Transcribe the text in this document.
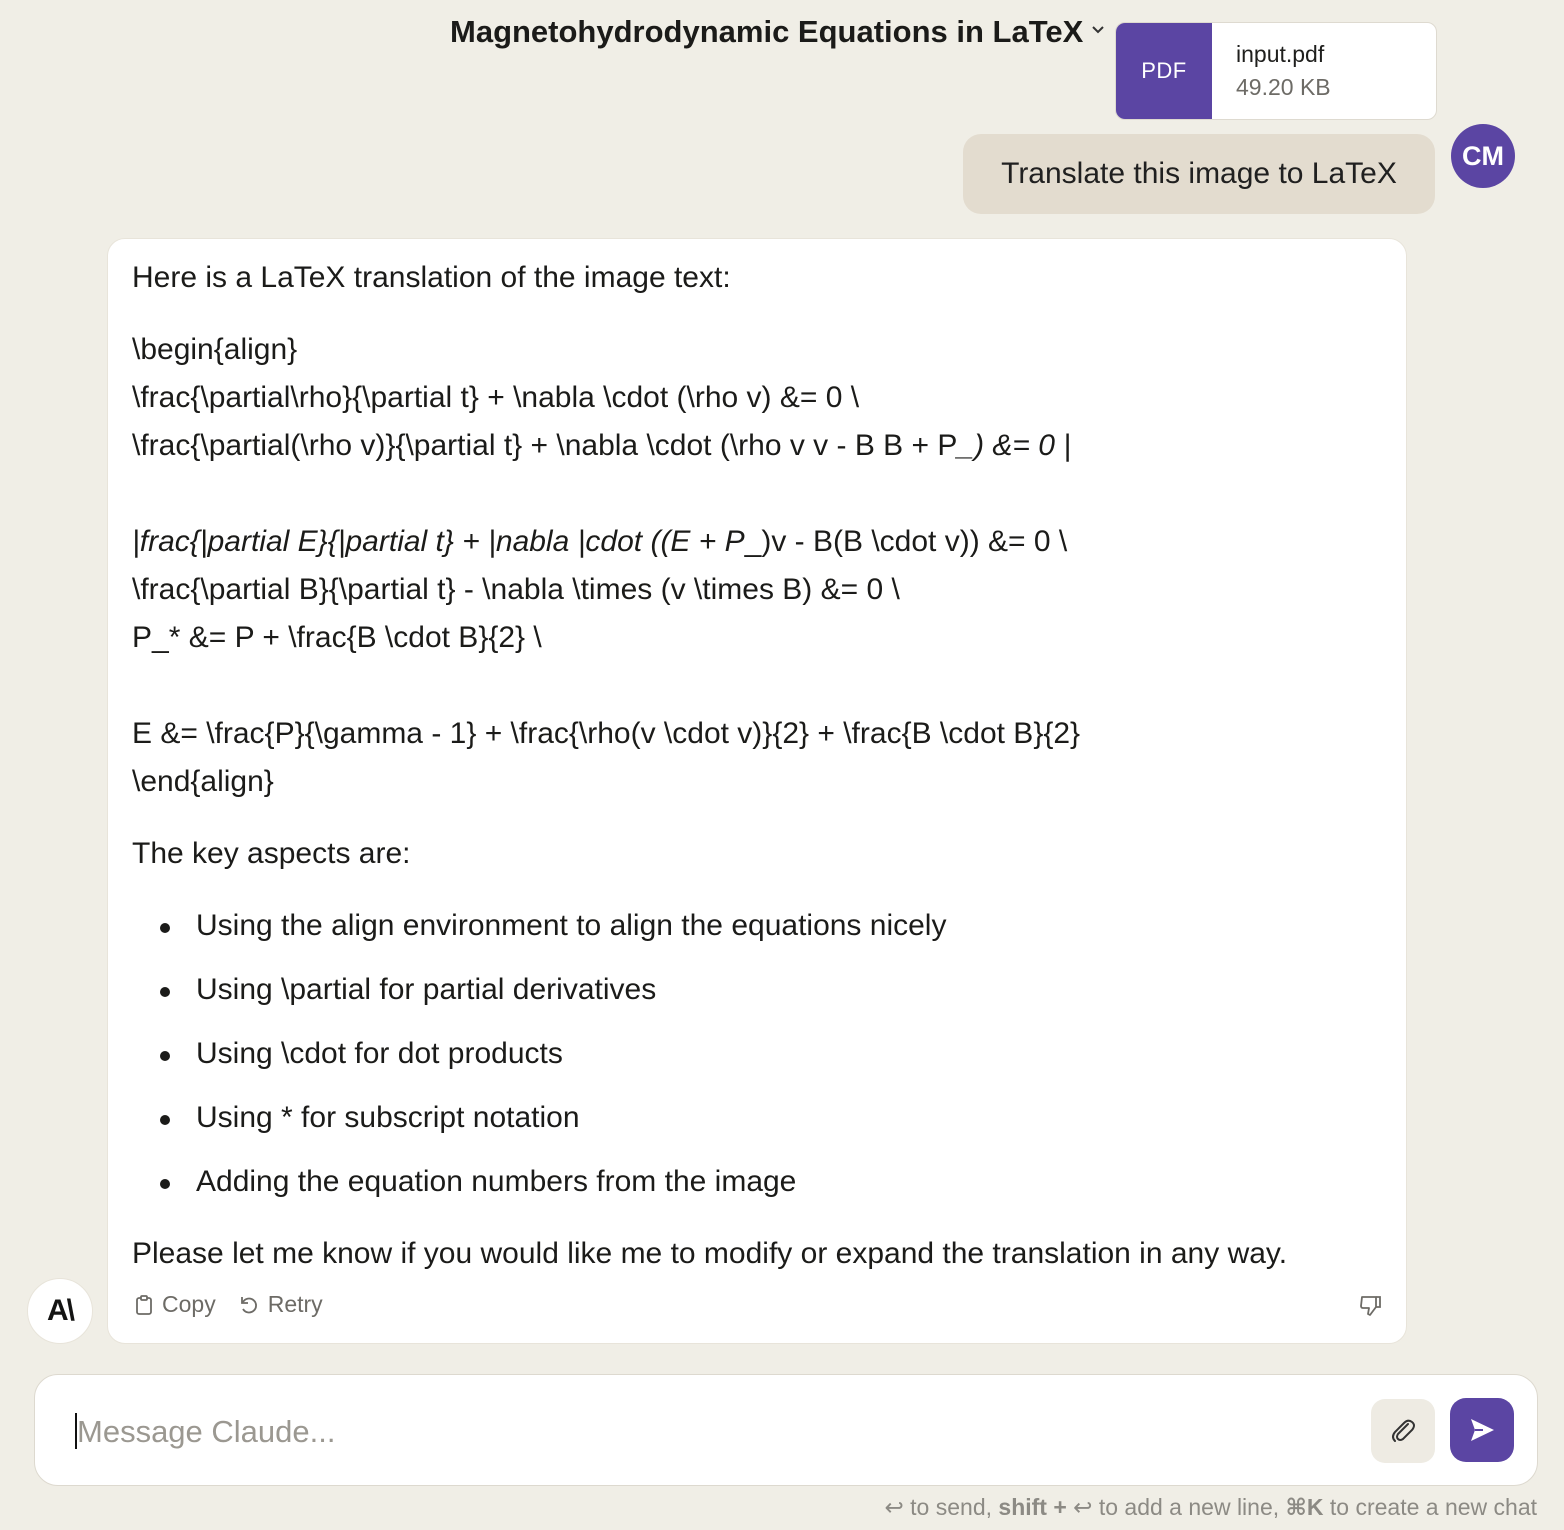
Magnetohydrodynamic Equations in LaTeX
PDF
input.pdf
49.20 KB
Translate this image to LaTeX
CM
Here is a LaTeX translation of the image text:
\begin{align}
\frac{\partial\rho}{\partial t} + \nabla \cdot (\rho v) &= 0 \
\frac{\partial(\rho v)}{\partial t} + \nabla \cdot (\rho v v - B B + P_) &= 0 |
|frac{|partial E}{|partial t} + |nabla |cdot ((E + P_)v - B(B \cdot v)) &= 0 \
\frac{\partial B}{\partial t} - \nabla \times (v \times B) &= 0 \
P_* &= P + \frac{B \cdot B}{2} \
E &= \frac{P}{\gamma - 1} + \frac{\rho(v \cdot v)}{2} + \frac{B \cdot B}{2}
\end{align}
The key aspects are:
Using the align environment to align the equations nicely
Using \partial for partial derivatives
Using \cdot for dot products
Using * for subscript notation
Adding the equation numbers from the image
Please let me know if you would like me to modify or expand the translation in any way.
Copy Retry
A\
Message Claude...
↩ to send, shift + ↩ to add a new line, ⌘K to create a new chat
